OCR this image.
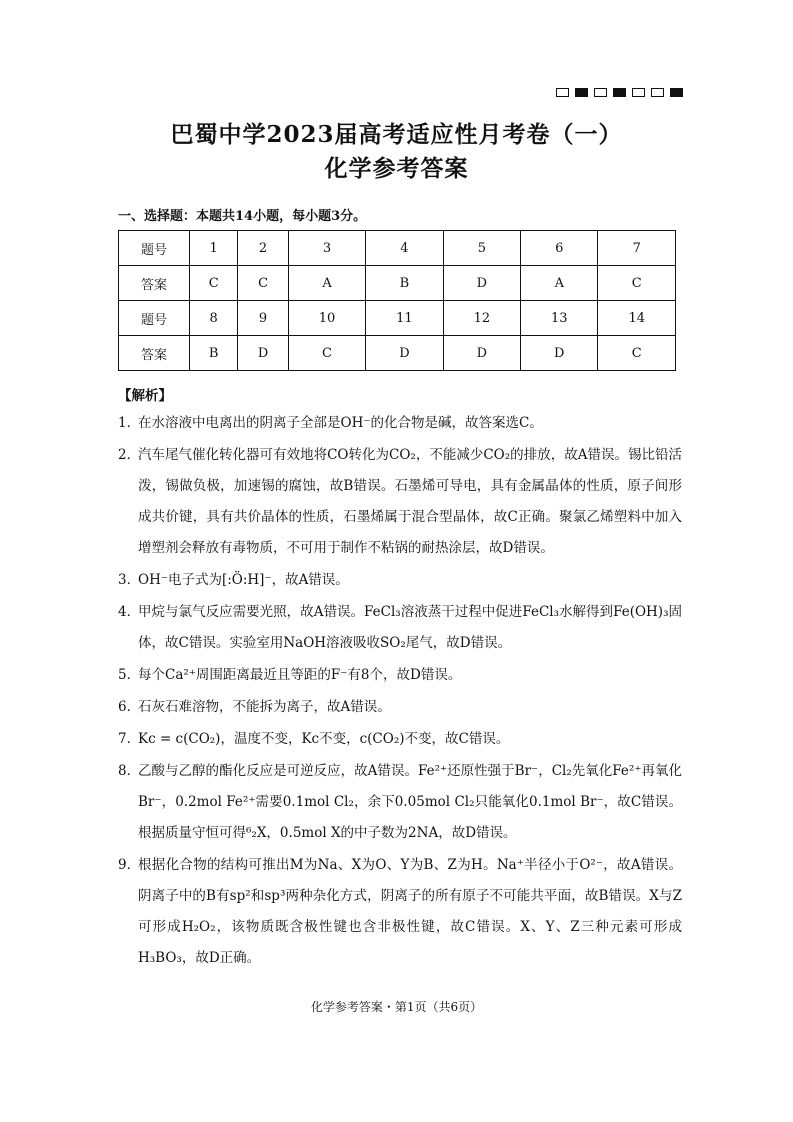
巴蜀中学2023届高考适应性月考卷（一）
化学参考答案
一、选择题：本题共14小题，每小题3分。
题号	1	2	3	4	5	6	7
答案	C	C	A	B	D	A	C
题号	8	9	10	11	12	13	14
答案	B	D	C	D	D	D	C
【解析】
1．
在水溶液中电离出的阴离子全部是OH⁻的化合物是碱，故答案选C。
2．
汽车尾气催化转化器可有效地将CO转化为CO₂，不能减少CO₂的排放，故A错误。锡比铅活泼，锡做负极，加速锡的腐蚀，故B错误。石墨烯可导电，具有金属晶体的性质，原子间形成共价键，具有共价晶体的性质，石墨烯属于混合型晶体，故C正确。聚氯乙烯塑料中加入增塑剂会释放有毒物质，不可用于制作不粘锅的耐热涂层，故D错误。
3．
OH⁻电子式为[:Ö:H]⁻，故A错误。
4．
甲烷与氯气反应需要光照，故A错误。FeCl₃溶液蒸干过程中促进FeCl₃水解得到Fe(OH)₃固体，故C错误。实验室用NaOH溶液吸收SO₂尾气，故D错误。
5．
每个Ca²⁺周围距离最近且等距的F⁻有8个，故D错误。
6．
石灰石难溶物，不能拆为离子，故A错误。
7．
Kc = c(CO₂)，温度不变，Kc不变，c(CO₂)不变，故C错误。
8．
乙酸与乙醇的酯化反应是可逆反应，故A错误。Fe²⁺还原性强于Br⁻，Cl₂先氧化Fe²⁺再氧化Br⁻，0.2mol Fe²⁺需要0.1mol Cl₂，余下0.05mol Cl₂只能氧化0.1mol Br⁻，故C错误。根据质量守恒可得⁶₂X，0.5mol X的中子数为2NA，故D错误。
9．
根据化合物的结构可推出M为Na、X为O、Y为B、Z为H。Na⁺半径小于O²⁻，故A错误。阴离子中的B有sp²和sp³两种杂化方式，阴离子的所有原子不可能共平面，故B错误。X与Z可形成H₂O₂，该物质既含极性键也含非极性键，故C错误。X、Y、Z三种元素可形成H₃BO₃，故D正确。
化学参考答案・第1页（共6页）
